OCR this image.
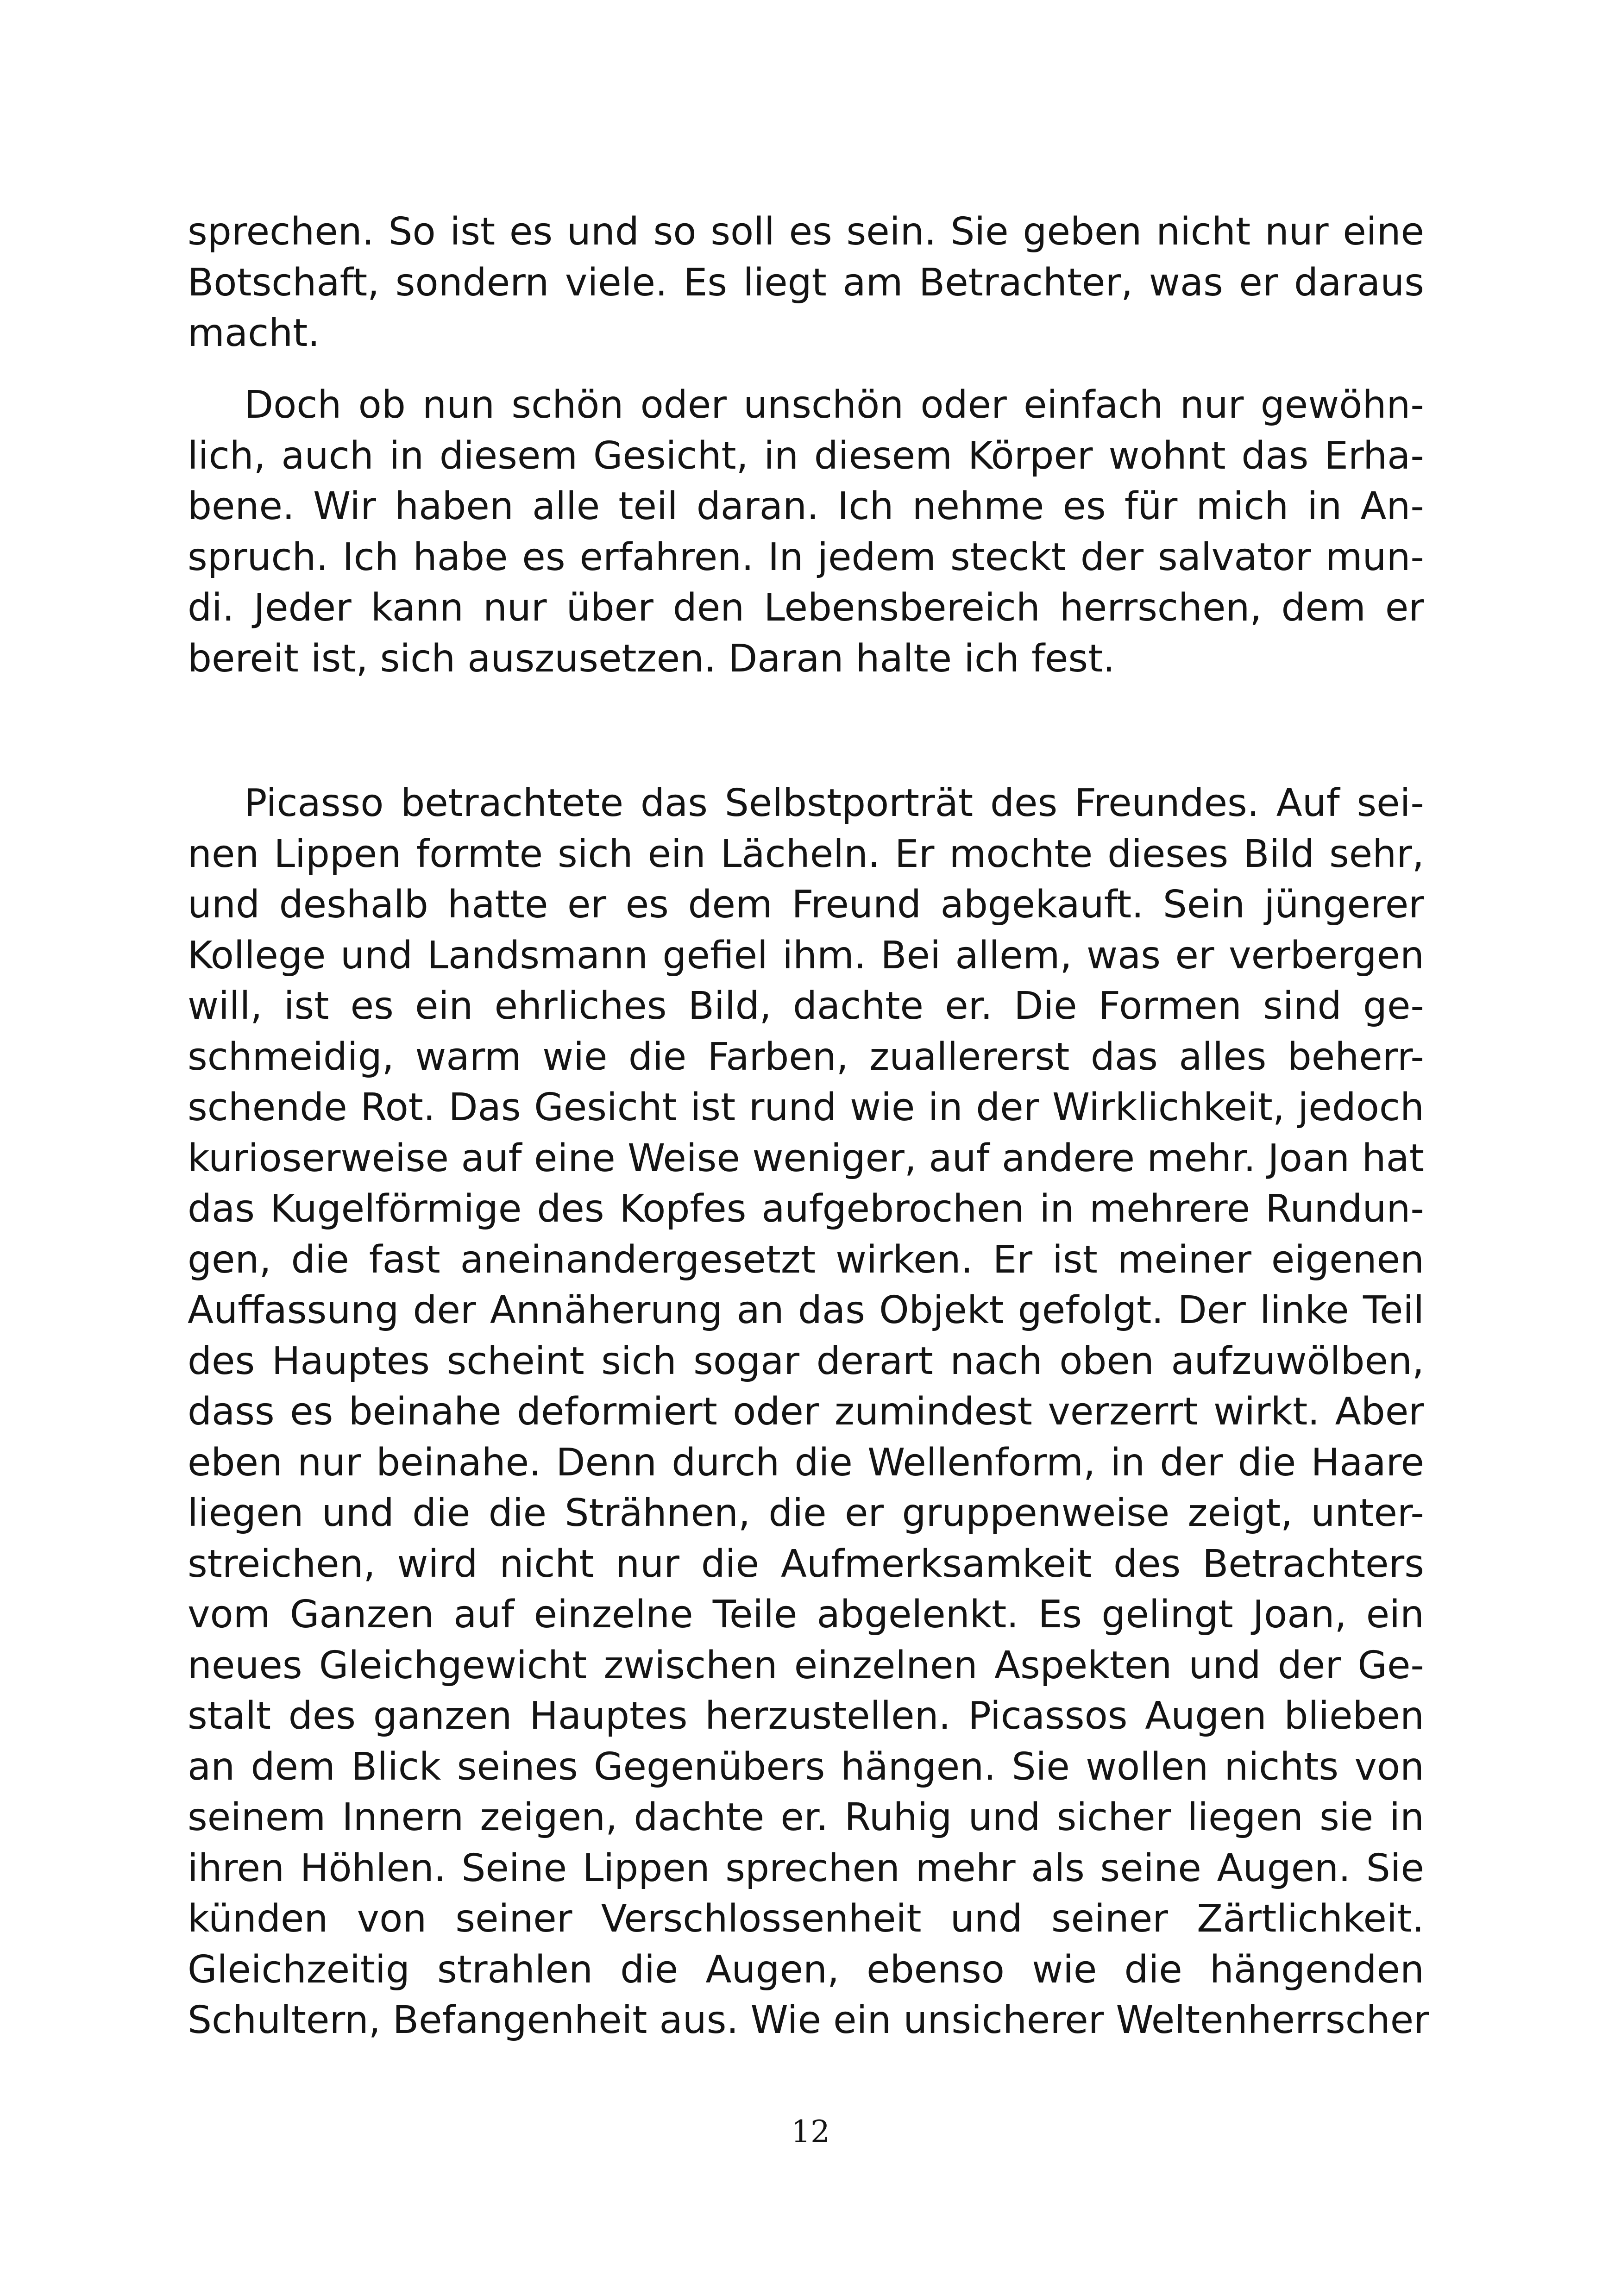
sprechen. So ist es und so soll es sein. Sie geben nicht nur eine
Botschaft, sondern viele. Es liegt am Betrachter, was er daraus
macht.
Doch ob nun schön oder unschön oder einfach nur gewöhn-
lich, auch in diesem Gesicht, in diesem Körper wohnt das Erha-
bene. Wir haben alle teil daran. Ich nehme es für mich in An-
spruch. Ich habe es erfahren. In jedem steckt der salvator mun-
di. Jeder kann nur über den Lebensbereich herrschen, dem er
bereit ist, sich auszusetzen. Daran halte ich fest.
Picasso betrachtete das Selbstporträt des Freundes. Auf sei-
nen Lippen formte sich ein Lächeln. Er mochte dieses Bild sehr,
und deshalb hatte er es dem Freund abgekauft. Sein jüngerer
Kollege und Landsmann gefiel ihm. Bei allem, was er verbergen
will, ist es ein ehrliches Bild, dachte er. Die Formen sind ge-
schmeidig, warm wie die Farben, zuallererst das alles beherr-
schende Rot. Das Gesicht ist rund wie in der Wirklichkeit, jedoch
kurioserweise auf eine Weise weniger, auf andere mehr. Joan hat
das Kugelförmige des Kopfes aufgebrochen in mehrere Rundun-
gen, die fast aneinandergesetzt wirken. Er ist meiner eigenen
Auffassung der Annäherung an das Objekt gefolgt. Der linke Teil
des Hauptes scheint sich sogar derart nach oben aufzuwölben,
dass es beinahe deformiert oder zumindest verzerrt wirkt. Aber
eben nur beinahe. Denn durch die Wellenform, in der die Haare
liegen und die die Strähnen, die er gruppenweise zeigt, unter-
streichen, wird nicht nur die Aufmerksamkeit des Betrachters
vom Ganzen auf einzelne Teile abgelenkt. Es gelingt Joan, ein
neues Gleichgewicht zwischen einzelnen Aspekten und der Ge-
stalt des ganzen Hauptes herzustellen. Picassos Augen blieben
an dem Blick seines Gegenübers hängen. Sie wollen nichts von
seinem Innern zeigen, dachte er. Ruhig und sicher liegen sie in
ihren Höhlen. Seine Lippen sprechen mehr als seine Augen. Sie
künden von seiner Verschlossenheit und seiner Zärtlichkeit.
Gleichzeitig strahlen die Augen, ebenso wie die hängenden
Schultern, Befangenheit aus. Wie ein unsicherer Weltenherrscher
12
